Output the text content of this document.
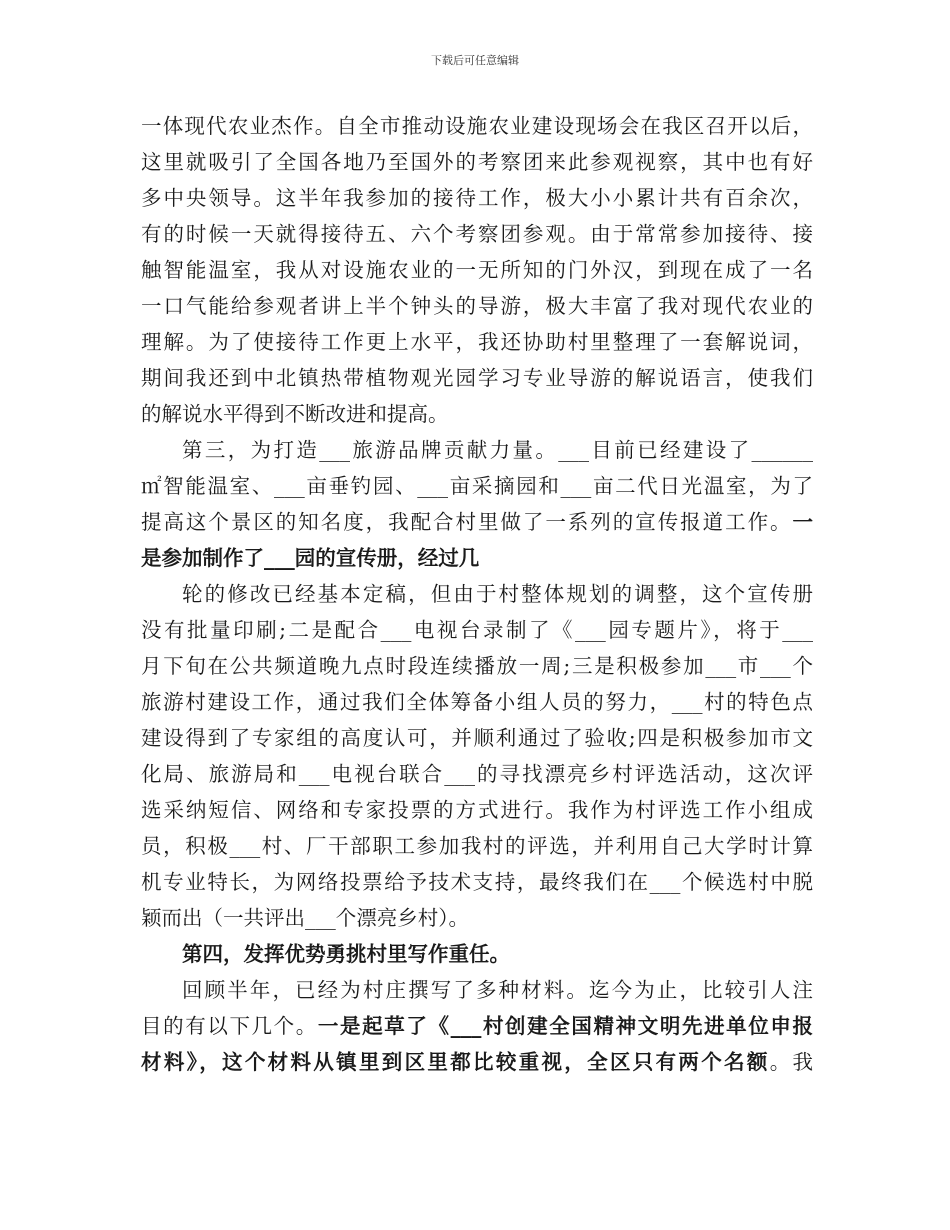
下载后可任意编辑
一体现代农业杰作。自全市推动设施农业建设现场会在我区召开以后，
这里就吸引了全国各地乃至国外的考察团来此参观视察，其中也有好
多中央领导。这半年我参加的接待工作，极大小小累计共有百余次，
有的时候一天就得接待五、六个考察团参观。由于常常参加接待、接
触智能温室，我从对设施农业的一无所知的门外汉，到现在成了一名
一口气能给参观者讲上半个钟头的导游，极大丰富了我对现代农业的
理解。为了使接待工作更上水平，我还协助村里整理了一套解说词，
期间我还到中北镇热带植物观光园学习专业导游的解说语言，使我们
的解说水平得到不断改进和提高。
第三，为打造___旅游品牌贡献力量。___目前已经建设了______
㎡智能温室、___亩垂钓园、___亩采摘园和___亩二代日光温室，为了
提高这个景区的知名度，我配合村里做了一系列的宣传报道工作。一
是参加制作了___园的宣传册，经过几
轮的修改已经基本定稿，但由于村整体规划的调整，这个宣传册
没有批量印刷;二是配合___电视台录制了《___园专题片》，将于___
月下旬在公共频道晚九点时段连续播放一周;三是积极参加___市___个
旅游村建设工作，通过我们全体筹备小组人员的努力，___村的特色点
建设得到了专家组的高度认可，并顺利通过了验收;四是积极参加市文
化局、旅游局和___电视台联合___的寻找漂亮乡村评选活动，这次评
选采纳短信、网络和专家投票的方式进行。我作为村评选工作小组成
员，积极___村、厂干部职工参加我村的评选，并利用自己大学时计算
机专业特长，为网络投票给予技术支持，最终我们在___个候选村中脱
颖而出（一共评出___个漂亮乡村）。
第四，发挥优势勇挑村里写作重任。
回顾半年，已经为村庄撰写了多种材料。迄今为止，比较引人注
目的有以下几个。一是起草了《___村创建全国精神文明先进单位申报
材料》，这个材料从镇里到区里都比较重视，全区只有两个名额。我
